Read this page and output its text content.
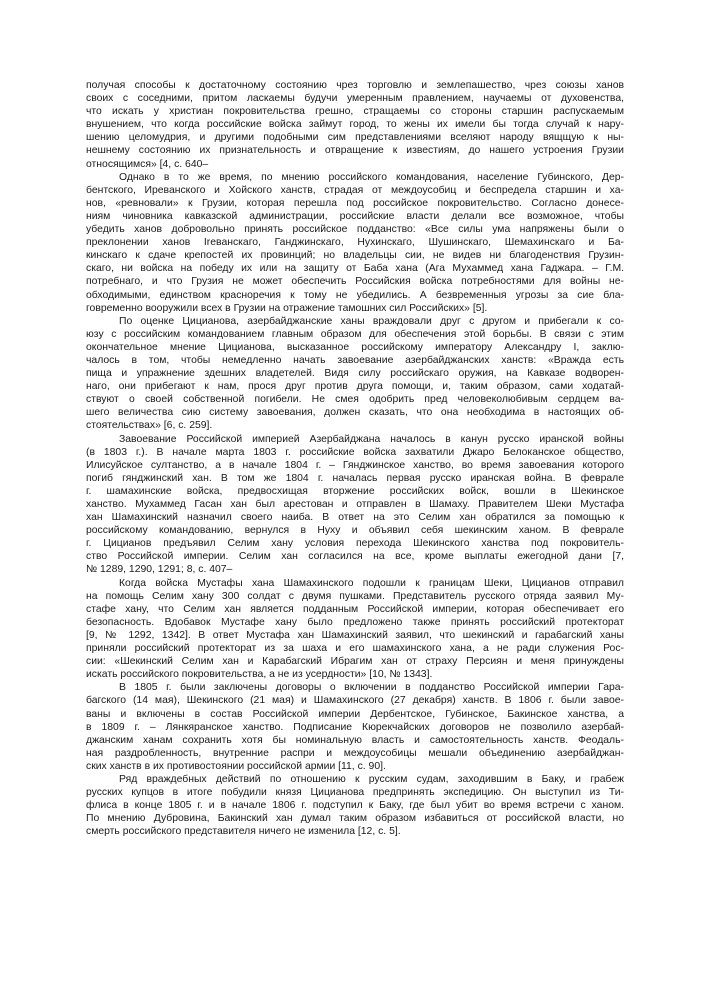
получая способы к достаточному состоянию чрез торговлю и землепашество, чрез союзы ханов
своих с соседними, притом ласкаемы будучи умеренным правлением, научаемы от духовенства,
что искать у христиан покровительства грешно, стращаемы со стороны старшин распускаемым
внушением, что когда российские войска займут город, то жены их имели бы тогда случай к нару-
шению целомудрия, и другими подобными сим представлениями вселяют народу вящщую к ны-
нешнему состоянию их признательность и отвращение к известиям, до нашего устроения Грузии
относящимся» [4, с. 640–
Однако в то же время, по мнению российского командования, население Губинского, Дер-
бентского, Иреванского и Хойского ханств, страдая от междоусобиц и беспредела старшин и ха-
нов, «ревновали» к Грузии, которая перешла под российское покровительство. Согласно донесе-
ниям чиновника кавказской администрации, российские власти делали все возможное, чтобы
убедить ханов добровольно принять российское подданство: «Все силы ума напряжены были о
преклонении ханов Ireванскаго, Ганджинскаго, Нухинскаго, Шушинскаго, Шемахинскаго и Ба-
кинскаго к сдаче крепостей их провинций; но владельцы сии, не видев ни благоденствия Грузин-
скаго, ни войска на победу их или на защиту от Баба хана (Ага Мухаммед хана Гаджара. – Г.М.
потребнаго, и что Грузия не может обеспечить Российския войска потребностями для войны не-
обходимыми, единством красноречия к тому не убедились. А безвременныя угрозы за сие бла-
говременно вооружили всех в Грузии на отражение тамошних сил Российских» [5].
По оценке Цицианова, азербайджанские ханы враждовали друг с другом и прибегали к со-
юзу с российским командованием главным образом для обеспечения этой борьбы. В связи с этим
окончательное мнение Цицианова, высказанное российскому императору Александру I, заклю-
чалось в том, чтобы немедленно начать завоевание азербайджанских ханств: «Вражда есть
пища и упражнение здешних владетелей. Видя силу российскаго оружия, на Кавказе водворен-
наго, они прибегают к нам, прося друг против друга помощи, и, таким образом, сами ходатай-
ствуют о своей собственной погибели. Не смея одобрить пред человеколюбивым сердцем ва-
шего величества сию систему завоевания, должен сказать, что она необходима в настоящих об-
стоятельствах» [6, с. 259].
Завоевание Российской империей Азербайджана началось в канун русско иранской войны
(в 1803 г.). В начале марта 1803 г. российские войска захватили Джаро Белоканское общество,
Илисуйское султанство, а в начале 1804 г. – Гянджинское ханство, во время завоевания которого
погиб гянджинский хан. В том же 1804 г. началась первая русско иранская война. В феврале
г. шамахинские войска, предвосхищая вторжение российских войск, вошли в Шекинское
ханство. Мухаммед Гасан хан был арестован и отправлен в Шамаху. Правителем Шеки Мустафа
хан Шамахинский назначил своего наиба. В ответ на это Селим хан обратился за помощью к
российскому командованию, вернулся в Нуху и объявил себя шекинским ханом. В феврале
г. Цицианов предъявил Селим хану условия перехода Шекинского ханства под покровитель-
ство Российской империи. Селим хан согласился на все, кроме выплаты ежегодной дани [7,
№ 1289, 1290, 1291; 8, с. 407–
Когда войска Мустафы хана Шамахинского подошли к границам Шеки, Цицианов отправил
на помощь Селим хану 300 солдат с двумя пушками. Представитель русского отряда заявил Му-
стафе хану, что Селим хан является подданным Российской империи, которая обеспечивает его
безопасность. Вдобавок Мустафе хану было предложено также принять российский протекторат
[9, № 1292, 1342]. В ответ Мустафа хан Шамахинский заявил, что шекинский и гарабагский ханы
приняли российский протекторат из за шаха и его шамахинского хана, а не ради служения Рос-
сии: «Шекинский Селим хан и Карабагский Ибрагим хан от страху Персиян и меня принуждены
искать российского покровительства, а не из усердности» [10, № 1343].
В 1805 г. были заключены договоры о включении в подданство Российской империи Гара-
багского (14 мая), Шекинского (21 мая) и Шамахинского (27 декабря) ханств. В 1806 г. были завое-
ваны и включены в состав Российской империи Дербентское, Губинское, Бакинское ханства, а
в 1809 г. – Лянкяранское ханство. Подписание Кюрекчайских договоров не позволило азербай-
джанским ханам сохранить хотя бы номинальную власть и самостоятельность ханств. Феодаль-
ная раздробленность, внутренние распри и междоусобицы мешали объединению азербайджан-
ских ханств в их противостоянии российской армии [11, с. 90].
Ряд враждебных действий по отношению к русским судам, заходившим в Баку, и грабеж
русских купцов в итоге побудили князя Цицианова предпринять экспедицию. Он выступил из Ти-
флиса в конце 1805 г. и в начале 1806 г. подступил к Баку, где был убит во время встречи с ханом.
По мнению Дубровина, Бакинский хан думал таким образом избавиться от российской власти, но
смерть российского представителя ничего не изменила [12, с. 5].
